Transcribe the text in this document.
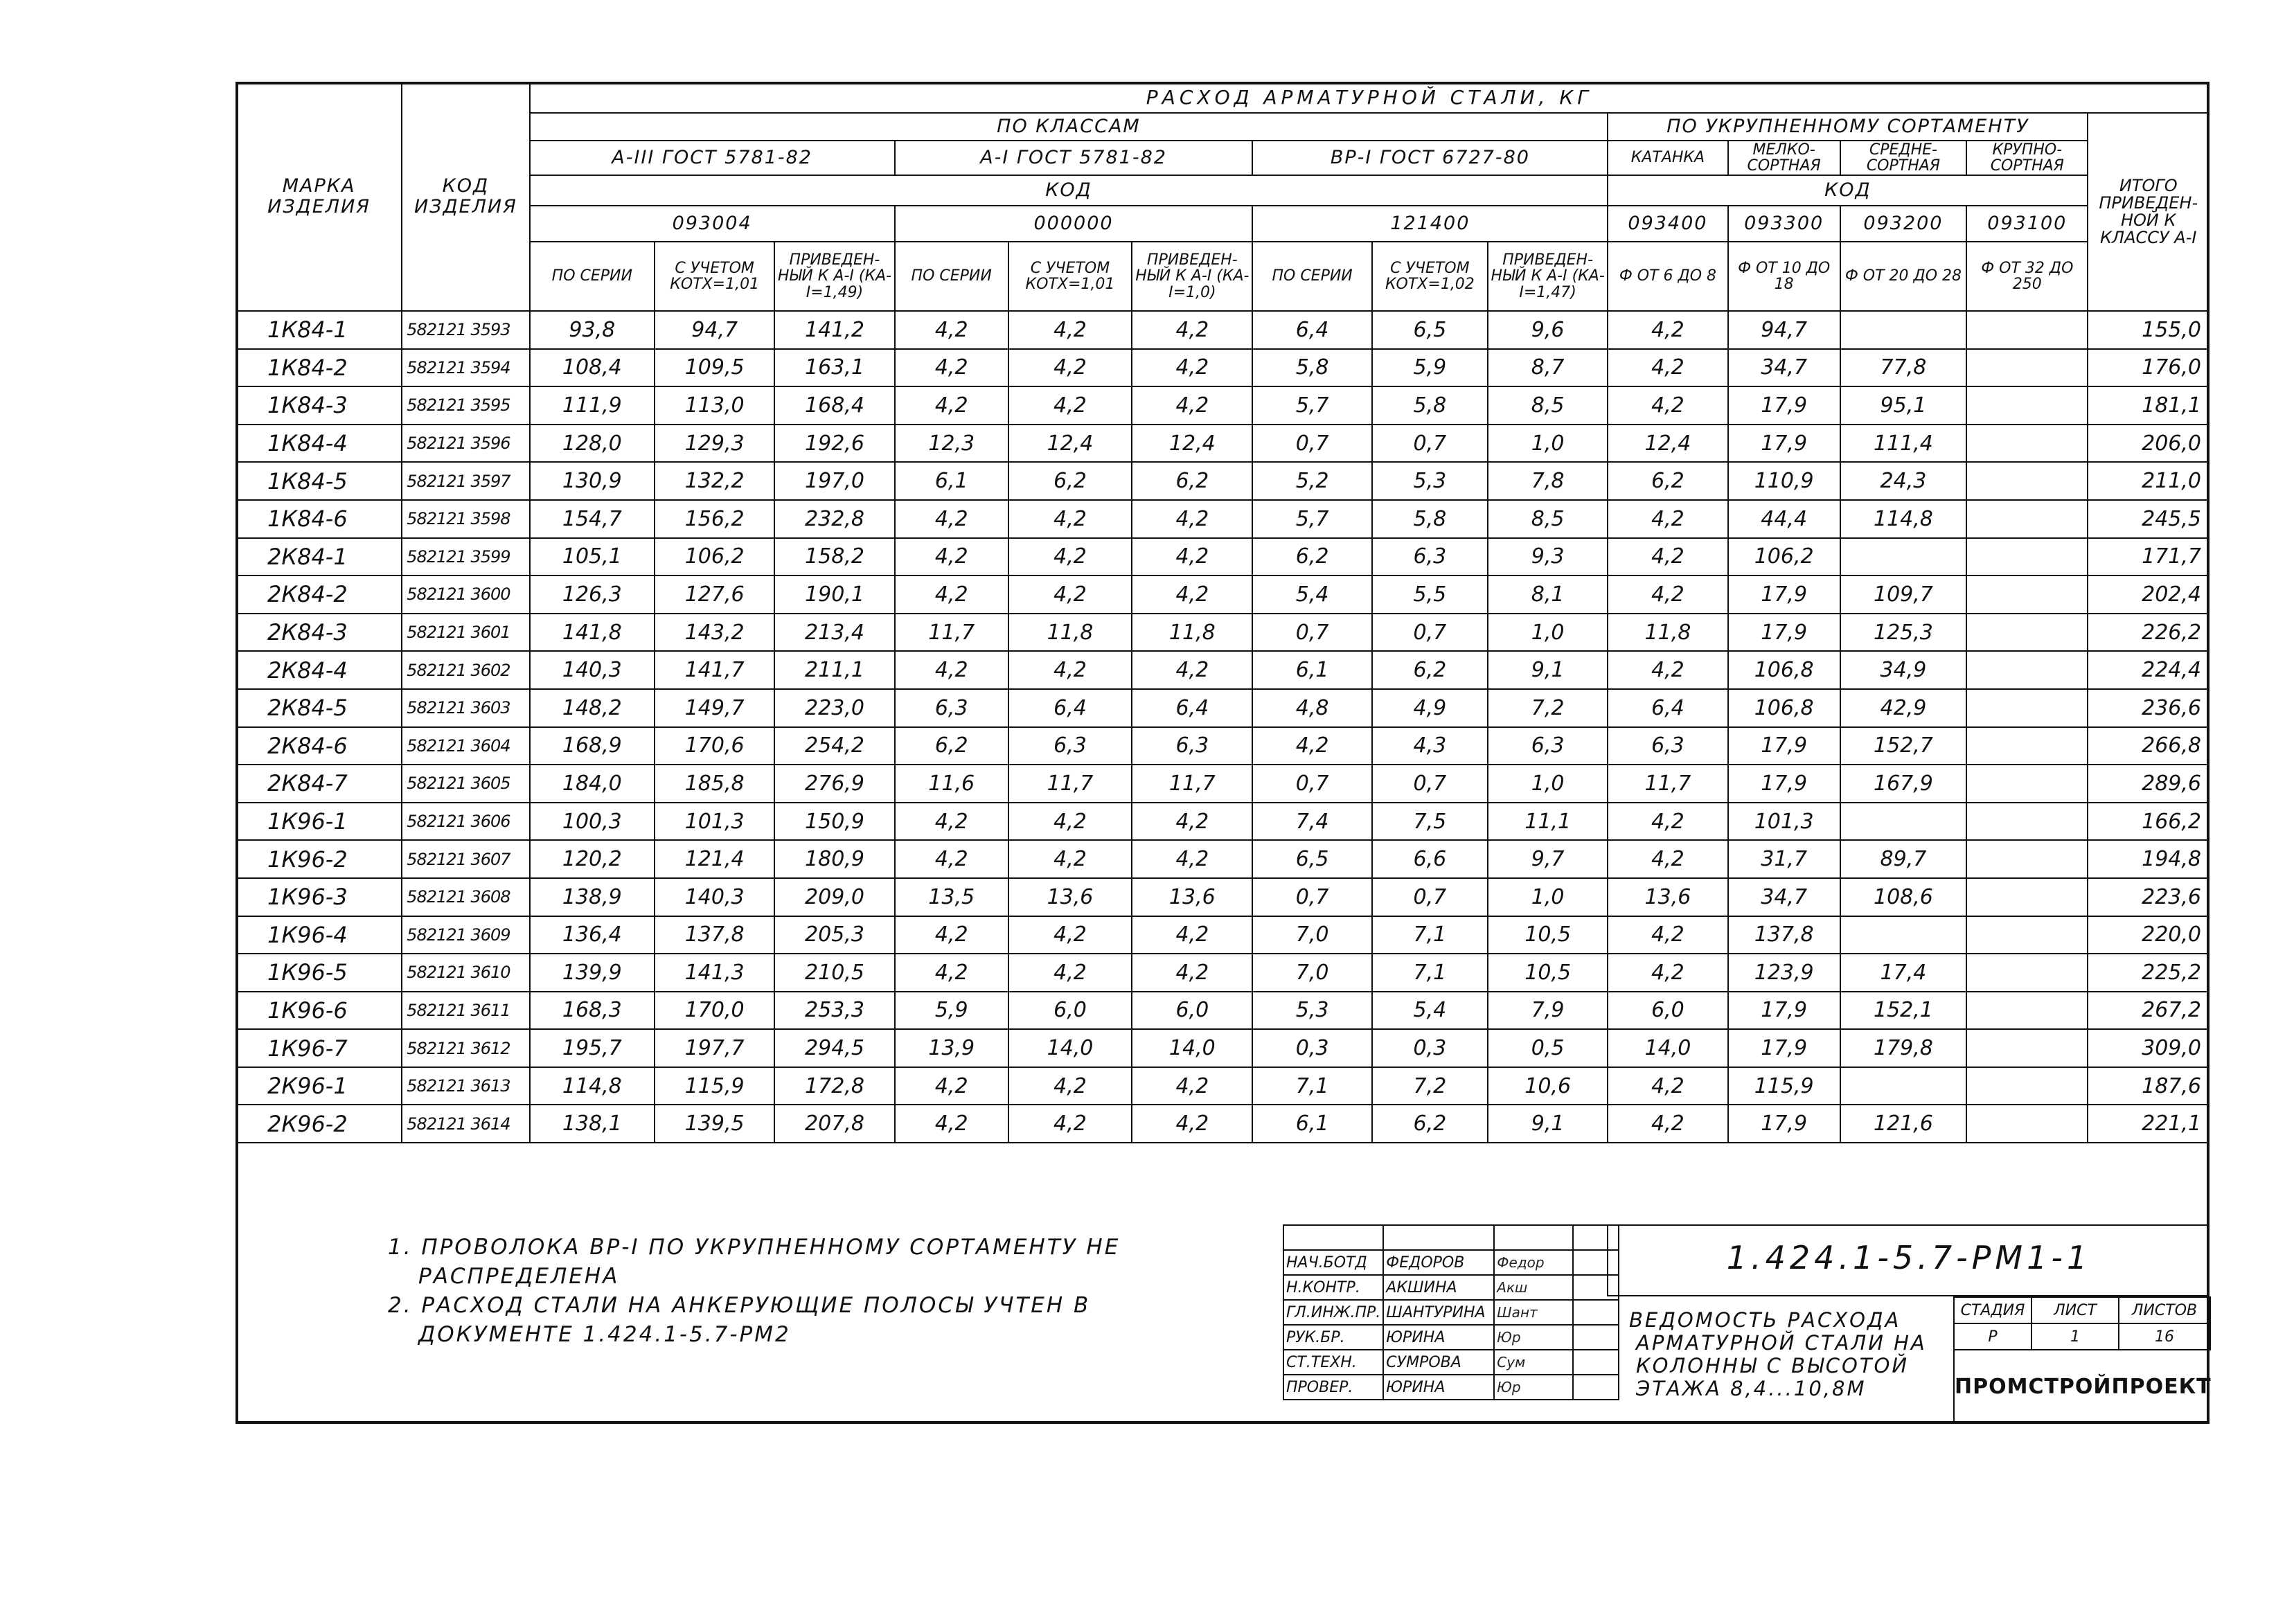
МАРКА ИЗДЕЛИЯ	КОД ИЗДЕЛИЯ	РАСХОД АРМАТУРНОЙ СТАЛИ, КГ													
		ПО КЛАССАМ									ПО УКРУПНЕННОМУ СОРТАМЕНТУ				ИТОГО ПРИВЕДЕН-НОЙ К КЛАССУ А-I
		А-III ГОСТ 5781-82			А-I ГОСТ 5781-82			ВР-I ГОСТ 6727-80			КАТАНКА	МЕЛКО-СОРТНАЯ	СРЕДНЕ-СОРТНАЯ	КРУПНО-СОРТНАЯ	
		КОД									КОД				
		093004			000000			121400			093400	093300	093200	093100	
		ПО СЕРИИ	С УЧЕТОМ КОТХ=1,01	ПРИВЕДЕН-НЫЙ К А-I (КА-I=1,49)	ПО СЕРИИ	С УЧЕТОМ КОТХ=1,01	ПРИВЕДЕН-НЫЙ К А-I (КА-I=1,0)	ПО СЕРИИ	С УЧЕТОМ КОТХ=1,02	ПРИВЕДЕН-НЫЙ К А-I (КА-I=1,47)	Ф ОТ 6 ДО 8	Ф ОТ 10 ДО 18	Ф ОТ 20 ДО 28	Ф ОТ 32 ДО 250	
1К84-1	582121 3593	93,8	94,7	141,2	4,2	4,2	4,2	6,4	6,5	9,6	4,2	94,7			155,0
1К84-2	582121 3594	108,4	109,5	163,1	4,2	4,2	4,2	5,8	5,9	8,7	4,2	34,7	77,8		176,0
1К84-3	582121 3595	111,9	113,0	168,4	4,2	4,2	4,2	5,7	5,8	8,5	4,2	17,9	95,1		181,1
1К84-4	582121 3596	128,0	129,3	192,6	12,3	12,4	12,4	0,7	0,7	1,0	12,4	17,9	111,4		206,0
1К84-5	582121 3597	130,9	132,2	197,0	6,1	6,2	6,2	5,2	5,3	7,8	6,2	110,9	24,3		211,0
1К84-6	582121 3598	154,7	156,2	232,8	4,2	4,2	4,2	5,7	5,8	8,5	4,2	44,4	114,8		245,5
2К84-1	582121 3599	105,1	106,2	158,2	4,2	4,2	4,2	6,2	6,3	9,3	4,2	106,2			171,7
2К84-2	582121 3600	126,3	127,6	190,1	4,2	4,2	4,2	5,4	5,5	8,1	4,2	17,9	109,7		202,4
2К84-3	582121 3601	141,8	143,2	213,4	11,7	11,8	11,8	0,7	0,7	1,0	11,8	17,9	125,3		226,2
2К84-4	582121 3602	140,3	141,7	211,1	4,2	4,2	4,2	6,1	6,2	9,1	4,2	106,8	34,9		224,4
2К84-5	582121 3603	148,2	149,7	223,0	6,3	6,4	6,4	4,8	4,9	7,2	6,4	106,8	42,9		236,6
2К84-6	582121 3604	168,9	170,6	254,2	6,2	6,3	6,3	4,2	4,3	6,3	6,3	17,9	152,7		266,8
2К84-7	582121 3605	184,0	185,8	276,9	11,6	11,7	11,7	0,7	0,7	1,0	11,7	17,9	167,9		289,6
1К96-1	582121 3606	100,3	101,3	150,9	4,2	4,2	4,2	7,4	7,5	11,1	4,2	101,3			166,2
1К96-2	582121 3607	120,2	121,4	180,9	4,2	4,2	4,2	6,5	6,6	9,7	4,2	31,7	89,7		194,8
1К96-3	582121 3608	138,9	140,3	209,0	13,5	13,6	13,6	0,7	0,7	1,0	13,6	34,7	108,6		223,6
1К96-4	582121 3609	136,4	137,8	205,3	4,2	4,2	4,2	7,0	7,1	10,5	4,2	137,8			220,0
1К96-5	582121 3610	139,9	141,3	210,5	4,2	4,2	4,2	7,0	7,1	10,5	4,2	123,9	17,4		225,2
1К96-6	582121 3611	168,3	170,0	253,3	5,9	6,0	6,0	5,3	5,4	7,9	6,0	17,9	152,1		267,2
1К96-7	582121 3612	195,7	197,7	294,5	13,9	14,0	14,0	0,3	0,3	0,5	14,0	17,9	179,8		309,0
2К96-1	582121 3613	114,8	115,9	172,8	4,2	4,2	4,2	7,1	7,2	10,6	4,2	115,9			187,6
2К96-2	582121 3614	138,1	139,5	207,8	4,2	4,2	4,2	6,1	6,2	9,1	4,2	17,9	121,6		221,1
1. ПРОВОЛОКА ВР-I ПО УКРУПНЕННОМУ СОРТАМЕНТУ НЕ
РАСПРЕДЕЛЕНА
2. РАСХОД СТАЛИ НА АНКЕРУЮЩИЕ ПОЛОСЫ УЧТЕН В
ДОКУМЕНТЕ 1.424.1-5.7-РМ2

НАЧ.БОТД	ФЕДОРОВ	Федор	
Н.КОНТР.	АКШИНА	Акш	
ГЛ.ИНЖ.ПР.	ШАНТУРИНА	Шант	
РУК.БР.	ЮРИНА	Юр	
СТ.ТЕХН.	СУМРОВА	Сум	
ПРОВЕР.	ЮРИНА	Юр	
1.424.1-5.7-РМ1-1
ВЕДОМОСТЬ РАСХОДА
АРМАТУРНОЙ СТАЛИ НА
КОЛОННЫ С ВЫСОТОЙ
ЭТАЖА 8,4...10,8М
СТАДИЯ	ЛИСТ	ЛИСТОВ
Р	1	16
ПРОМСТРОЙПРОЕКТ
